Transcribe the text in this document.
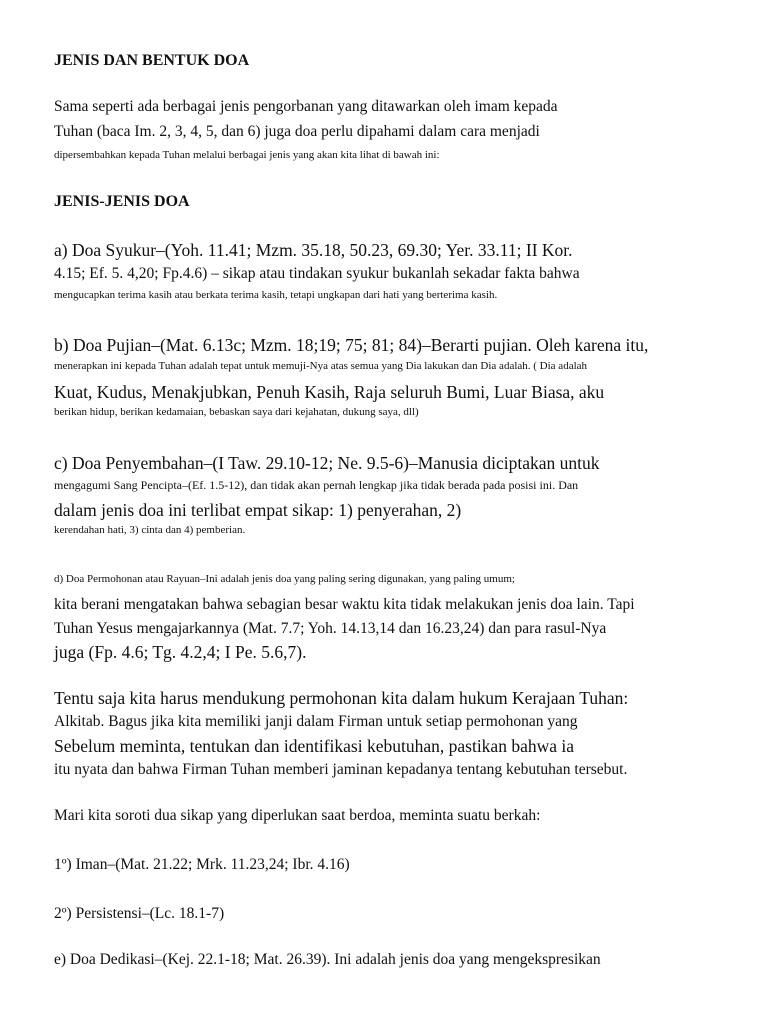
JENIS DAN BENTUK DOA
Sama seperti ada berbagai jenis pengorbanan yang ditawarkan oleh imam kepada
Tuhan (baca Im. 2, 3, 4, 5, dan 6) juga doa perlu dipahami dalam cara menjadi
dipersembahkan kepada Tuhan melalui berbagai jenis yang akan kita lihat di bawah ini:
JENIS-JENIS DOA
a) Doa Syukur–(Yoh. 11.41; Mzm. 35.18, 50.23, 69.30; Yer. 33.11; II Kor.
4.15; Ef. 5. 4,20; Fp.4.6) – sikap atau tindakan syukur bukanlah sekadar fakta bahwa
mengucapkan terima kasih atau berkata terima kasih, tetapi ungkapan dari hati yang berterima kasih.
b) Doa Pujian–(Mat. 6.13c; Mzm. 18;19; 75; 81; 84)–Berarti pujian. Oleh karena itu,
menerapkan ini kepada Tuhan adalah tepat untuk memuji-Nya atas semua yang Dia lakukan dan Dia adalah. ( Dia adalah
Kuat, Kudus, Menakjubkan, Penuh Kasih, Raja seluruh Bumi, Luar Biasa, aku
berikan hidup, berikan kedamaian, bebaskan saya dari kejahatan, dukung saya, dll)
c) Doa Penyembahan–(I Taw. 29.10-12; Ne. 9.5-6)–Manusia diciptakan untuk
mengagumi Sang Pencipta–(Ef. 1.5-12), dan tidak akan pernah lengkap jika tidak berada pada posisi ini. Dan
dalam jenis doa ini terlibat empat sikap: 1) penyerahan, 2)
kerendahan hati, 3) cinta dan 4) pemberian.
d) Doa Permohonan atau Rayuan–Ini adalah jenis doa yang paling sering digunakan, yang paling umum;
kita berani mengatakan bahwa sebagian besar waktu kita tidak melakukan jenis doa lain. Tapi
Tuhan Yesus mengajarkannya (Mat. 7.7; Yoh. 14.13,14 dan 16.23,24) dan para rasul-Nya
juga (Fp. 4.6; Tg. 4.2,4; I Pe. 5.6,7).
Tentu saja kita harus mendukung permohonan kita dalam hukum Kerajaan Tuhan:
Alkitab. Bagus jika kita memiliki janji dalam Firman untuk setiap permohonan yang
Sebelum meminta, tentukan dan identifikasi kebutuhan, pastikan bahwa ia
itu nyata dan bahwa Firman Tuhan memberi jaminan kepadanya tentang kebutuhan tersebut.
Mari kita soroti dua sikap yang diperlukan saat berdoa, meminta suatu berkah:
1º) Iman–(Mat. 21.22; Mrk. 11.23,24; Ibr. 4.16)
2º) Persistensi–(Lc. 18.1-7)
e) Doa Dedikasi–(Kej. 22.1-18; Mat. 26.39). Ini adalah jenis doa yang mengekspresikan
